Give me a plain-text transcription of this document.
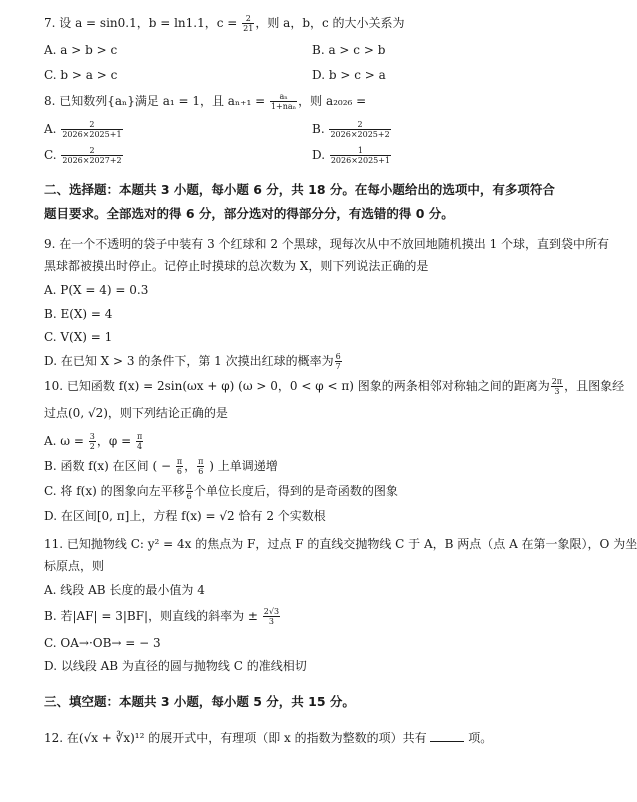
7. 设 a = sin0.1，b = ln1.1，$c = \frac{2}{21}$ ，则 a，b，c 的大小关系为
A. a > b > c	B. a > c > b
C. b > a > c	D. b > c > a
8. 已知数列{aₙ}满足 a₁ = 1，且 $a_{n+1} = \frac{\text{aₙ}}{\text{1+naₙ}}$ ，则 a₂₀₂₆ =
A. $\frac{2}{2026\times 2025+1}$	B. $\frac{2}{2026\times 2025+2}$
C. $\frac{2}{2026\times 2027+2}$	D. $\frac{1}{2026\times 2025+1}$
二、选择题：本题共 3 小题，每小题 6 分，共 18 分。在每小题给出的选项中，有多项符合
题目要求。全部选对的得 6 分，部分选对的得部分分，有选错的得 0 分。
9. 在一个不透明的袋子中装有 3 个红球和 2 个黑球，现每次从中不放回地随机摸出 1 个球，直到袋中所有
黑球都被摸出时停止。记停止时摸球的总次数为 X，则下列说法正确的是
A. P(X = 4) = 0.3
B. E(X) = 4
C. V(X) = 1
D. 在已知 X > 3 的条件下，第 1 次摸出红球的概率为 $\frac{6}{7}$
10. 已知函数 f(x) = 2sin(ωx + φ) (ω > 0，0 < φ < π) 图象的两条相邻对称轴之间的距离为 $\frac{2\pi}{3}$ ，且图象经
过点(0, √2)，则下列结论正确的是
A. $\omega = \frac{3}{2}$ ，$\varphi = \frac{\pi}{4}$
B. 函数 f(x) 在区间 ( − $\frac{\pi}{6}$ ， $\frac{\pi}{6}$ ) 上单调递增
C. 将 f(x) 的图象向左平移 $\frac{\pi}{6}$ 个单位长度后，得到的是奇函数的图象
D. 在区间[0, π]上，方程 f(x) = √2 恰有 2 个实数根
11. 已知抛物线 C: y² = 4x 的焦点为 F，过点 F 的直线交抛物线 C 于 A，B 两点（点 A 在第一象限），O 为坐
标原点，则
A. 线段 AB 长度的最小值为 4
B. 若|AF| = 3|BF|，则直线的斜率为 ± $\frac{2√3}{3}$
C. OA→·OB→ = − 3
D. 以线段 AB 为直径的圆与抛物线 C 的准线相切
三、填空题：本题共 3 小题，每小题 5 分，共 15 分。
12. 在(√x + ∛x)¹² 的展开式中，有理项（即 x 的指数为整数的项）共有	项。
